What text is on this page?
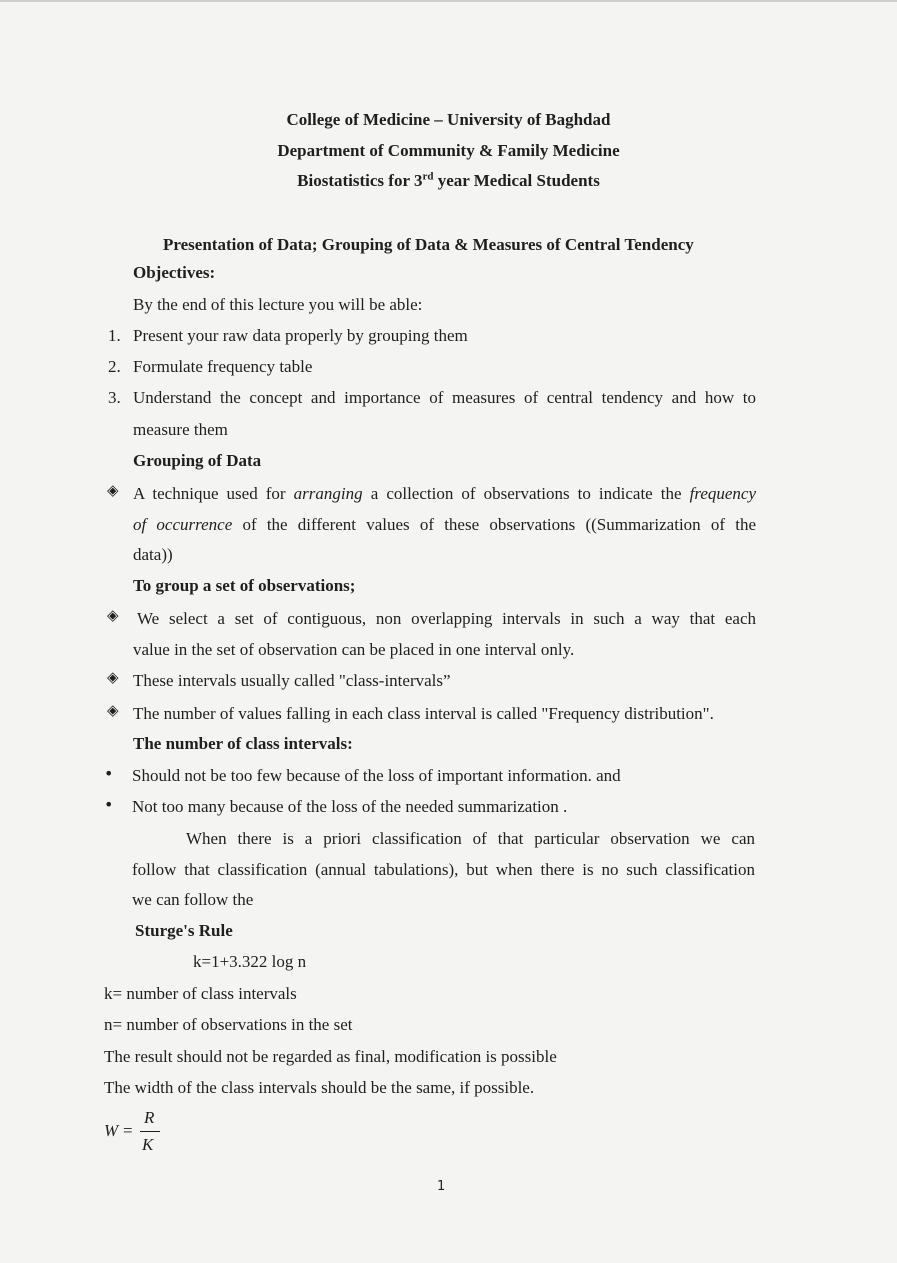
College of Medicine – University of Baghdad
Department of Community & Family Medicine
Biostatistics for 3rd year Medical Students
Presentation of Data; Grouping of Data & Measures of Central Tendency
Objectives:
By the end of this lecture you will be able:
1. Present your raw data properly by grouping them
2. Formulate frequency table
3. Understand the concept and importance of measures of central tendency and how to
measure them
Grouping of Data
◈ A technique used for arranging a collection of observations to indicate the frequency
of occurrence of the different values of these observations ((Summarization of the
data))
To group a set of observations;
◈ We select a set of contiguous, non overlapping intervals in such a way that each
value in the set of observation can be placed in one interval only.
◈ These intervals usually called "class-intervals”
◈ The number of values falling in each class interval is called "Frequency distribution".
The number of class intervals:
• Should not be too few because of the loss of important information. and
• Not too many because of the loss of the needed summarization .
When there is a priori classification of that particular observation we can
follow that classification (annual tabulations), but when there is no such classification
we can follow the
Sturge's Rule
k=1+3.322 log n
k= number of class intervals
n= number of observations in the set
The result should not be regarded as final, modification is possible
The width of the class intervals should be the same, if possible.
W =
R
K
1
